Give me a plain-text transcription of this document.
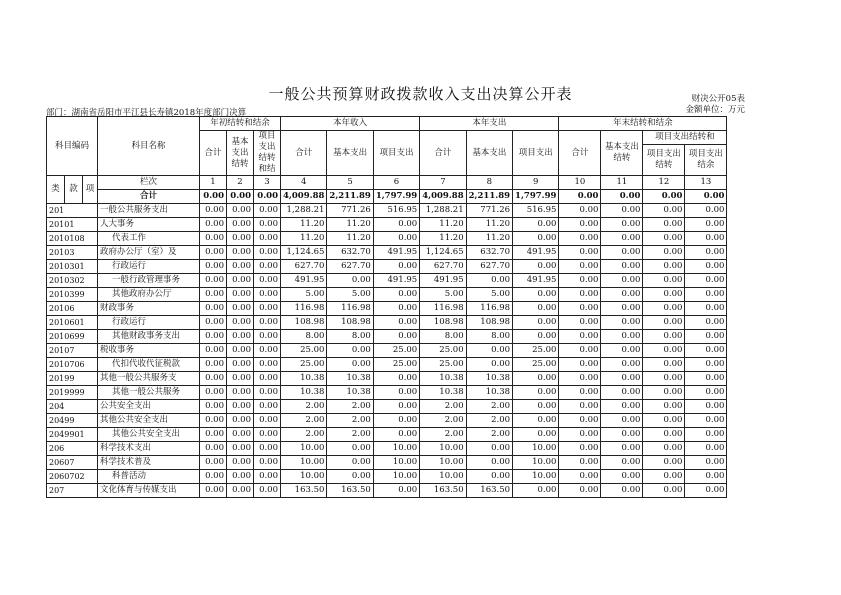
一般公共预算财政拨款收入支出决算公开表	财决公开05表
金额单位：万元
部门：湖南省岳阳市平江县长寿镇2018年度部门决算
科目编码			科目名称	年初结转和结余			本年收入			本年支出			年末结转和结余			
				合计	基本支出结转	项目支出结转和结	合计	基本支出	项目支出	合计	基本支出	项目支出	合计	基本支出结转	项目支出结转和	
															项目支出结转	项目支出结余
类	款	项	栏次	1	2	3	4	5	6	7	8	9	10	11	12	13
			合计	0.00	0.00	0.00	4,009.88	2,211.89	1,797.99	4,009.88	2,211.89	1,797.99	0.00	0.00	0.00	0.00
201			一般公共服务支出	0.00	0.00	0.00	1,288.21	771.26	516.95	1,288.21	771.26	516.95	0.00	0.00	0.00	0.00
20101			人大事务	0.00	0.00	0.00	11.20	11.20	0.00	11.20	11.20	0.00	0.00	0.00	0.00	0.00
2010108			代表工作	0.00	0.00	0.00	11.20	11.20	0.00	11.20	11.20	0.00	0.00	0.00	0.00	0.00
20103			政府办公厅（室）及	0.00	0.00	0.00	1,124.65	632.70	491.95	1,124.65	632.70	491.95	0.00	0.00	0.00	0.00
2010301			行政运行	0.00	0.00	0.00	627.70	627.70	0.00	627.70	627.70	0.00	0.00	0.00	0.00	0.00
2010302			一般行政管理事务	0.00	0.00	0.00	491.95	0.00	491.95	491.95	0.00	491.95	0.00	0.00	0.00	0.00
2010399			其他政府办公厅	0.00	0.00	0.00	5.00	5.00	0.00	5.00	5.00	0.00	0.00	0.00	0.00	0.00
20106			财政事务	0.00	0.00	0.00	116.98	116.98	0.00	116.98	116.98	0.00	0.00	0.00	0.00	0.00
2010601			行政运行	0.00	0.00	0.00	108.98	108.98	0.00	108.98	108.98	0.00	0.00	0.00	0.00	0.00
2010699			其他财政事务支出	0.00	0.00	0.00	8.00	8.00	0.00	8.00	8.00	0.00	0.00	0.00	0.00	0.00
20107			税收事务	0.00	0.00	0.00	25.00	0.00	25.00	25.00	0.00	25.00	0.00	0.00	0.00	0.00
2010706			代扣代收代征税款	0.00	0.00	0.00	25.00	0.00	25.00	25.00	0.00	25.00	0.00	0.00	0.00	0.00
20199			其他一般公共服务支	0.00	0.00	0.00	10.38	10.38	0.00	10.38	10.38	0.00	0.00	0.00	0.00	0.00
2019999			其他一般公共服务	0.00	0.00	0.00	10.38	10.38	0.00	10.38	10.38	0.00	0.00	0.00	0.00	0.00
204			公共安全支出	0.00	0.00	0.00	2.00	2.00	0.00	2.00	2.00	0.00	0.00	0.00	0.00	0.00
20499			其他公共安全支出	0.00	0.00	0.00	2.00	2.00	0.00	2.00	2.00	0.00	0.00	0.00	0.00	0.00
2049901			其他公共安全支出	0.00	0.00	0.00	2.00	2.00	0.00	2.00	2.00	0.00	0.00	0.00	0.00	0.00
206			科学技术支出	0.00	0.00	0.00	10.00	0.00	10.00	10.00	0.00	10.00	0.00	0.00	0.00	0.00
20607			科学技术普及	0.00	0.00	0.00	10.00	0.00	10.00	10.00	0.00	10.00	0.00	0.00	0.00	0.00
2060702			科普活动	0.00	0.00	0.00	10.00	0.00	10.00	10.00	0.00	10.00	0.00	0.00	0.00	0.00
207			文化体育与传媒支出	0.00	0.00	0.00	163.50	163.50	0.00	163.50	163.50	0.00	0.00	0.00	0.00	0.00
